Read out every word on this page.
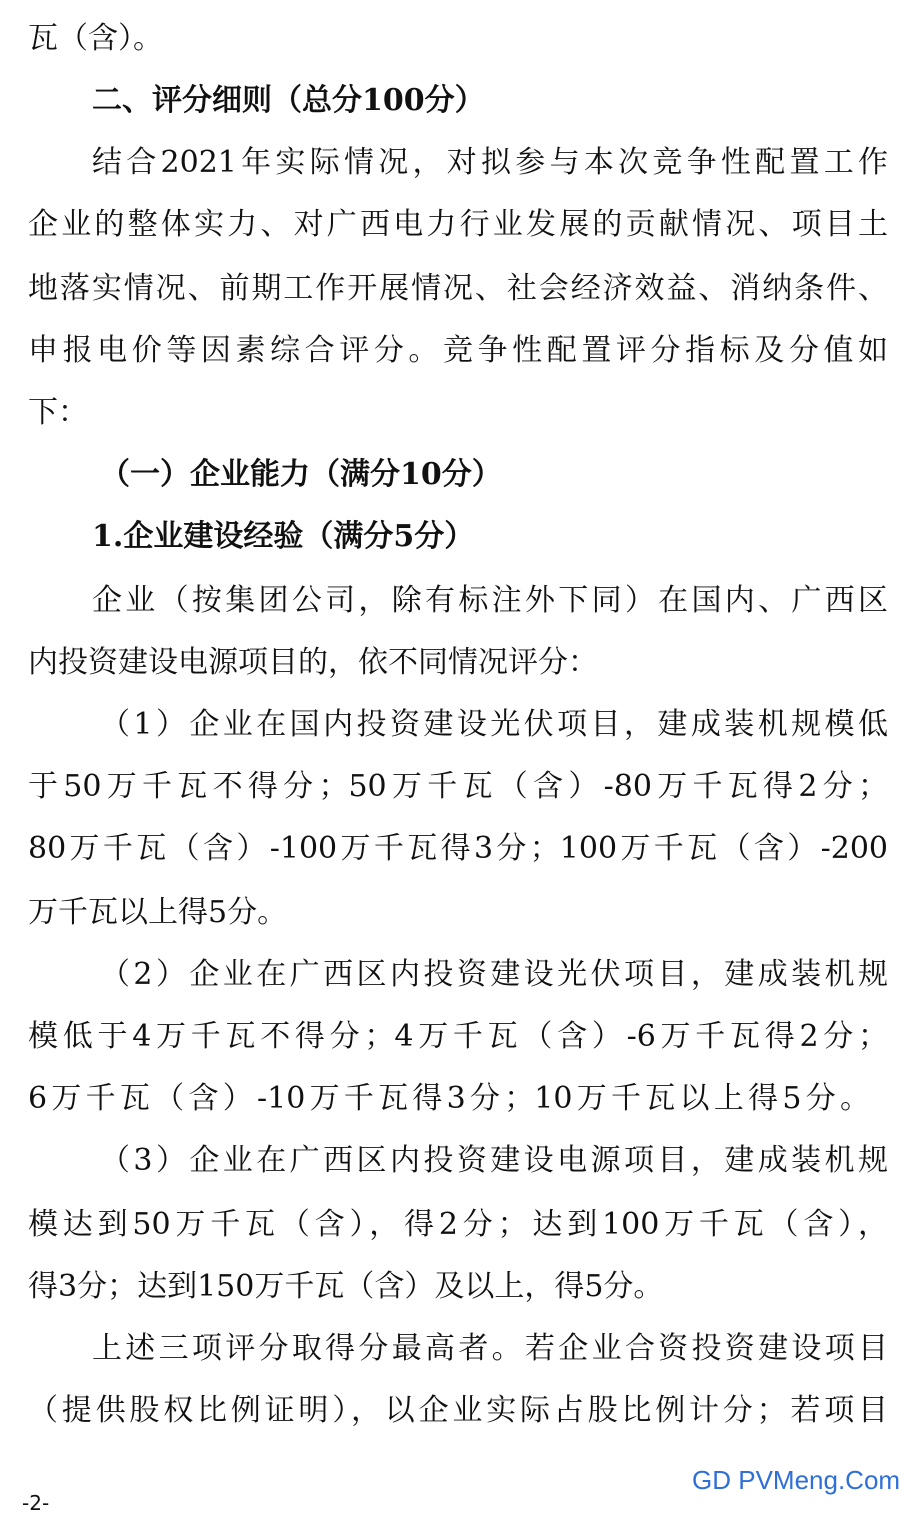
瓦（含）。
二、评分细则（总分100分）
结合2021年实际情况，对拟参与本次竞争性配置工作
企业的整体实力、对广西电力行业发展的贡献情况、项目土
地落实情况、前期工作开展情况、社会经济效益、消纳条件、
申报电价等因素综合评分。竞争性配置评分指标及分值如
下：
（一）企业能力（满分10分）
1.企业建设经验（满分5分）
企业（按集团公司，除有标注外下同）在国内、广西区
内投资建设电源项目的，依不同情况评分：
（1）企业在国内投资建设光伏项目，建成装机规模低
于50万千瓦不得分；50万千瓦（含）-80万千瓦得2分；
80万千瓦（含）-100万千瓦得3分；100万千瓦（含）-200
万千瓦以上得5分。
（2）企业在广西区内投资建设光伏项目，建成装机规
模低于4万千瓦不得分；4万千瓦（含）-6万千瓦得2分；
6万千瓦（含）-10万千瓦得3分；10万千瓦以上得5分。
（3）企业在广西区内投资建设电源项目，建成装机规
模达到50万千瓦（含），得2分；达到100万千瓦（含），
得3分；达到150万千瓦（含）及以上，得5分。
上述三项评分取得分最高者。若企业合资投资建设项目
（提供股权比例证明），以企业实际占股比例计分；若项目
GD PVMeng.Com
-2-
